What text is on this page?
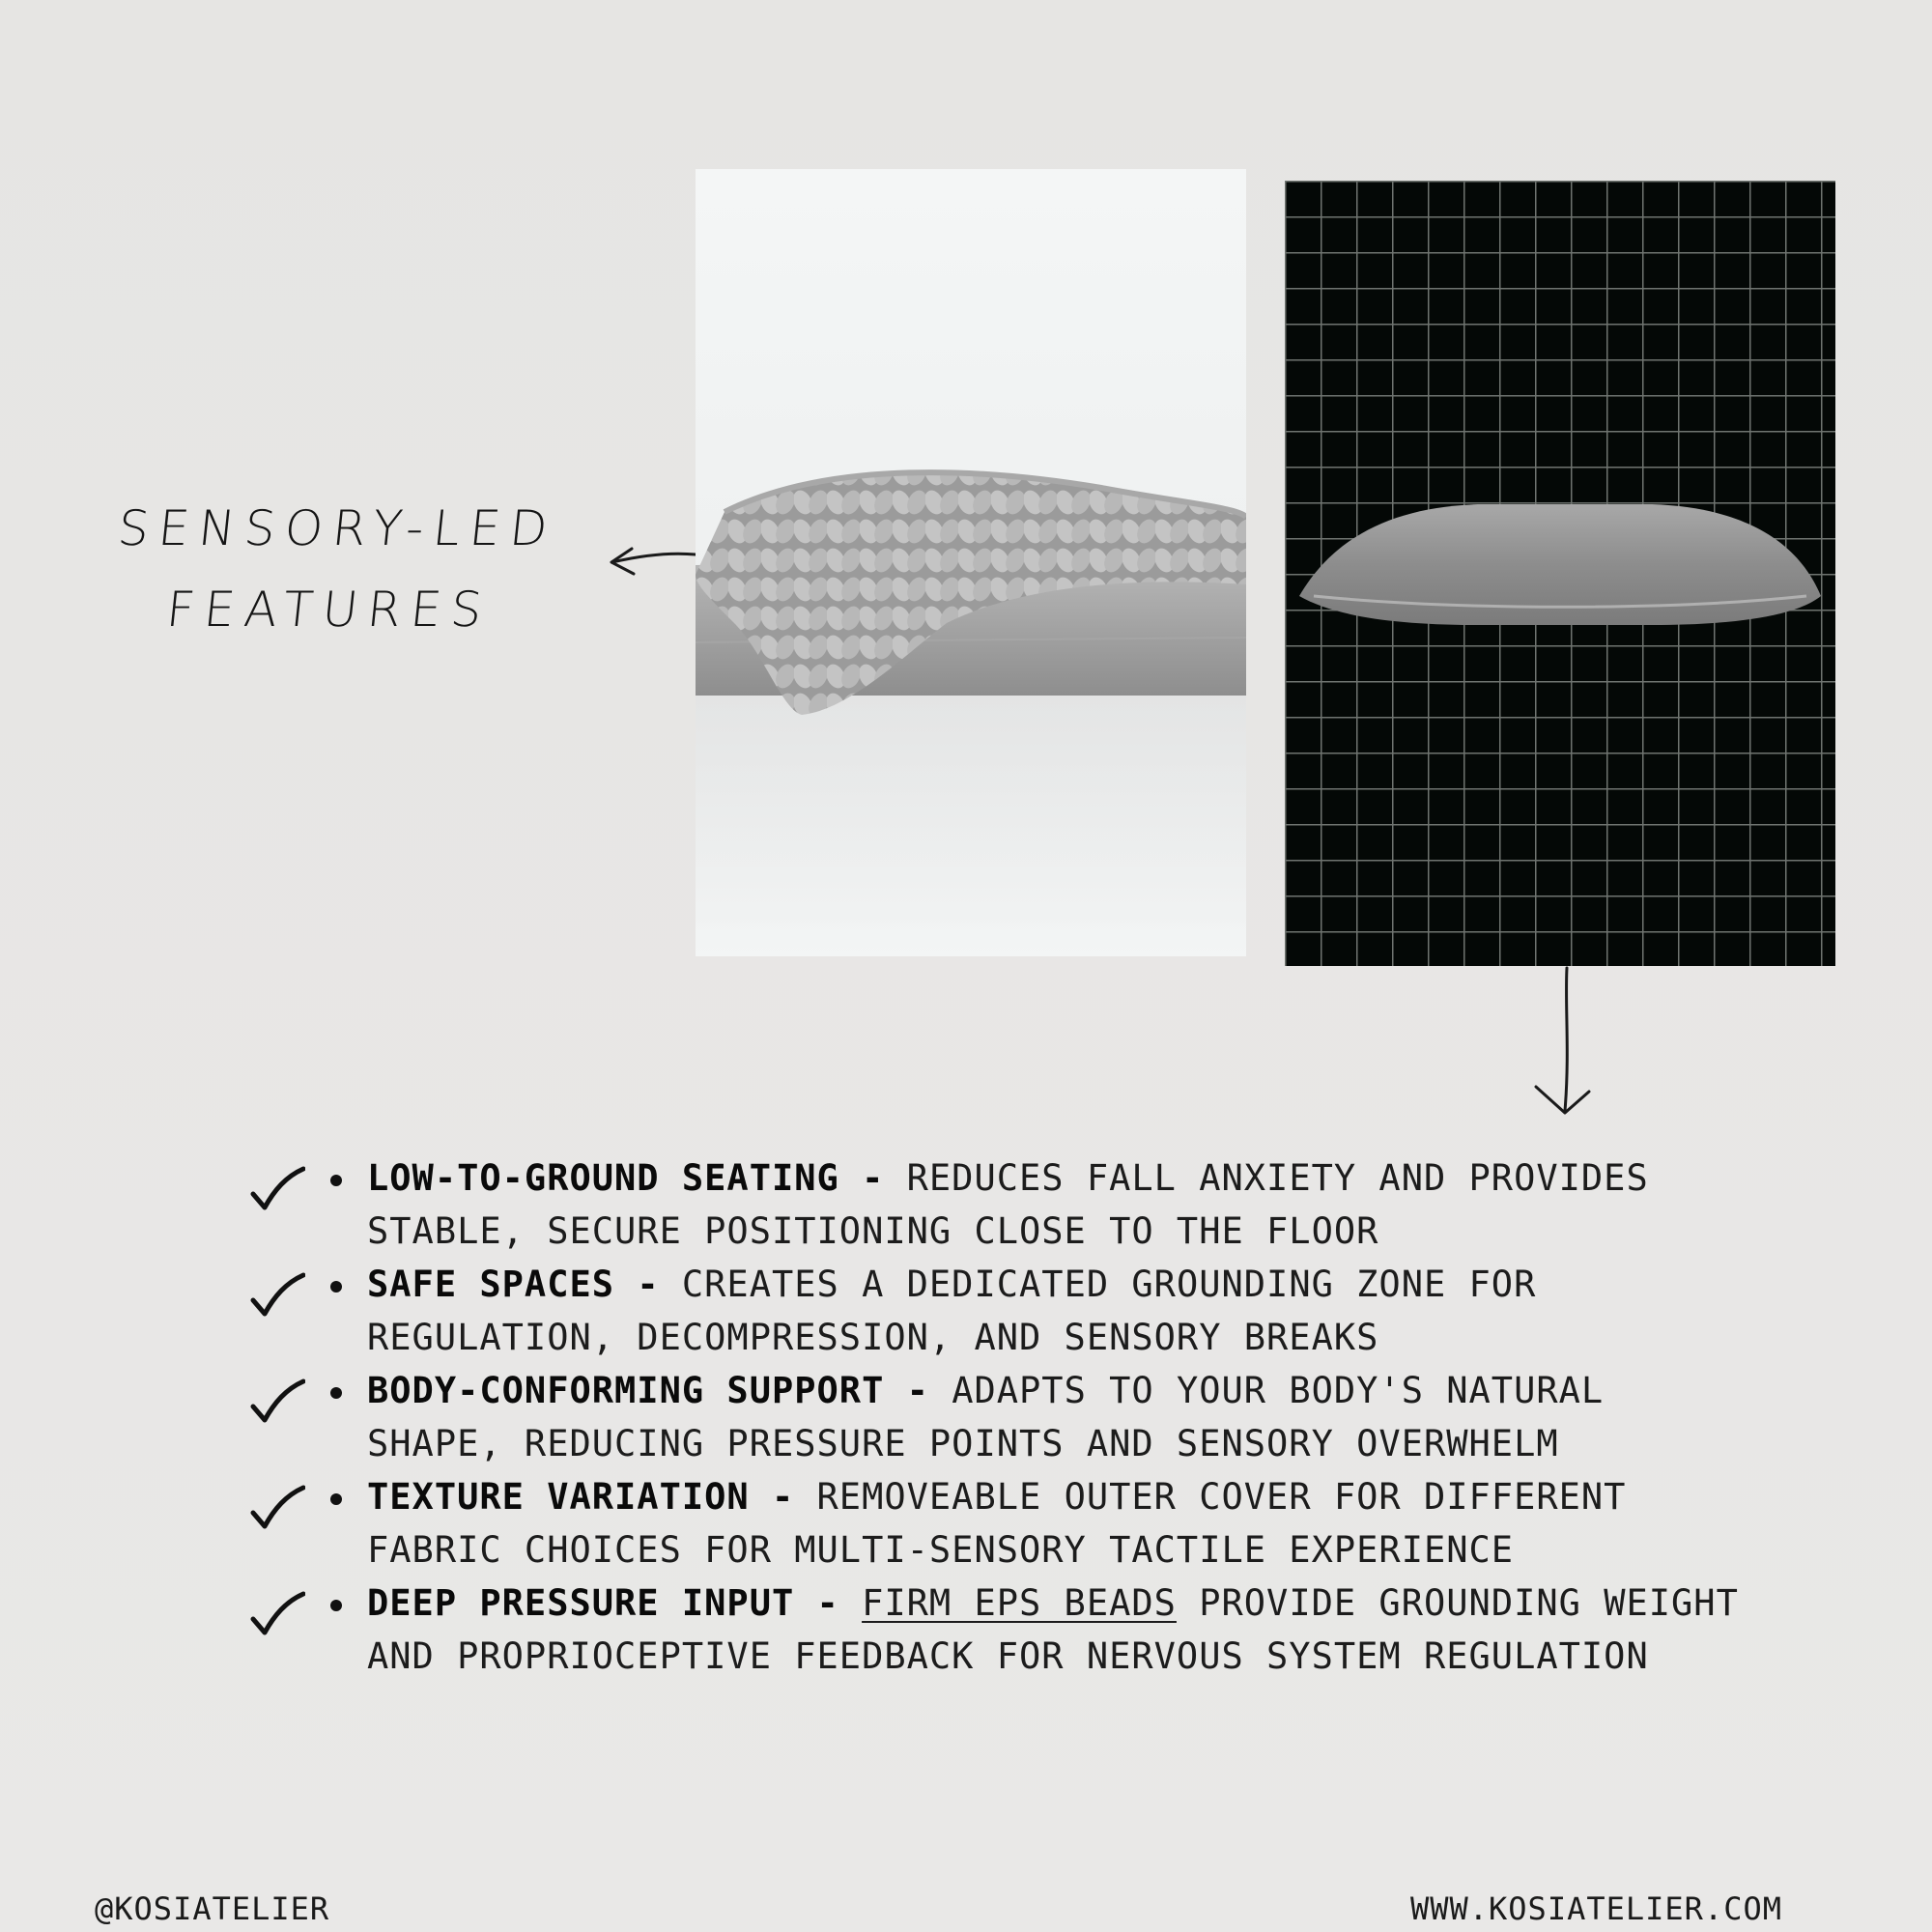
SENSORY-LED
FEATURES

LOW-TO-GROUND SEATING - REDUCES FALL ANXIETY AND PROVIDES STABLE, SECURE POSITIONING CLOSE TO THE FLOOR

SAFE SPACES - CREATES A DEDICATED GROUNDING ZONE FOR REGULATION, DECOMPRESSION, AND SENSORY BREAKS

BODY-CONFORMING SUPPORT - ADAPTS TO YOUR BODY'S NATURAL SHAPE, REDUCING PRESSURE POINTS AND SENSORY OVERWHELM

TEXTURE VARIATION - REMOVEABLE OUTER COVER FOR DIFFERENT FABRIC CHOICES FOR MULTI-SENSORY TACTILE EXPERIENCE

DEEP PRESSURE INPUT - FIRM EPS BEADS PROVIDE GROUNDING WEIGHT AND PROPRIOCEPTIVE FEEDBACK FOR NERVOUS SYSTEM REGULATION

@KOSIATELIER	WWW.KOSIATELIER.COM
